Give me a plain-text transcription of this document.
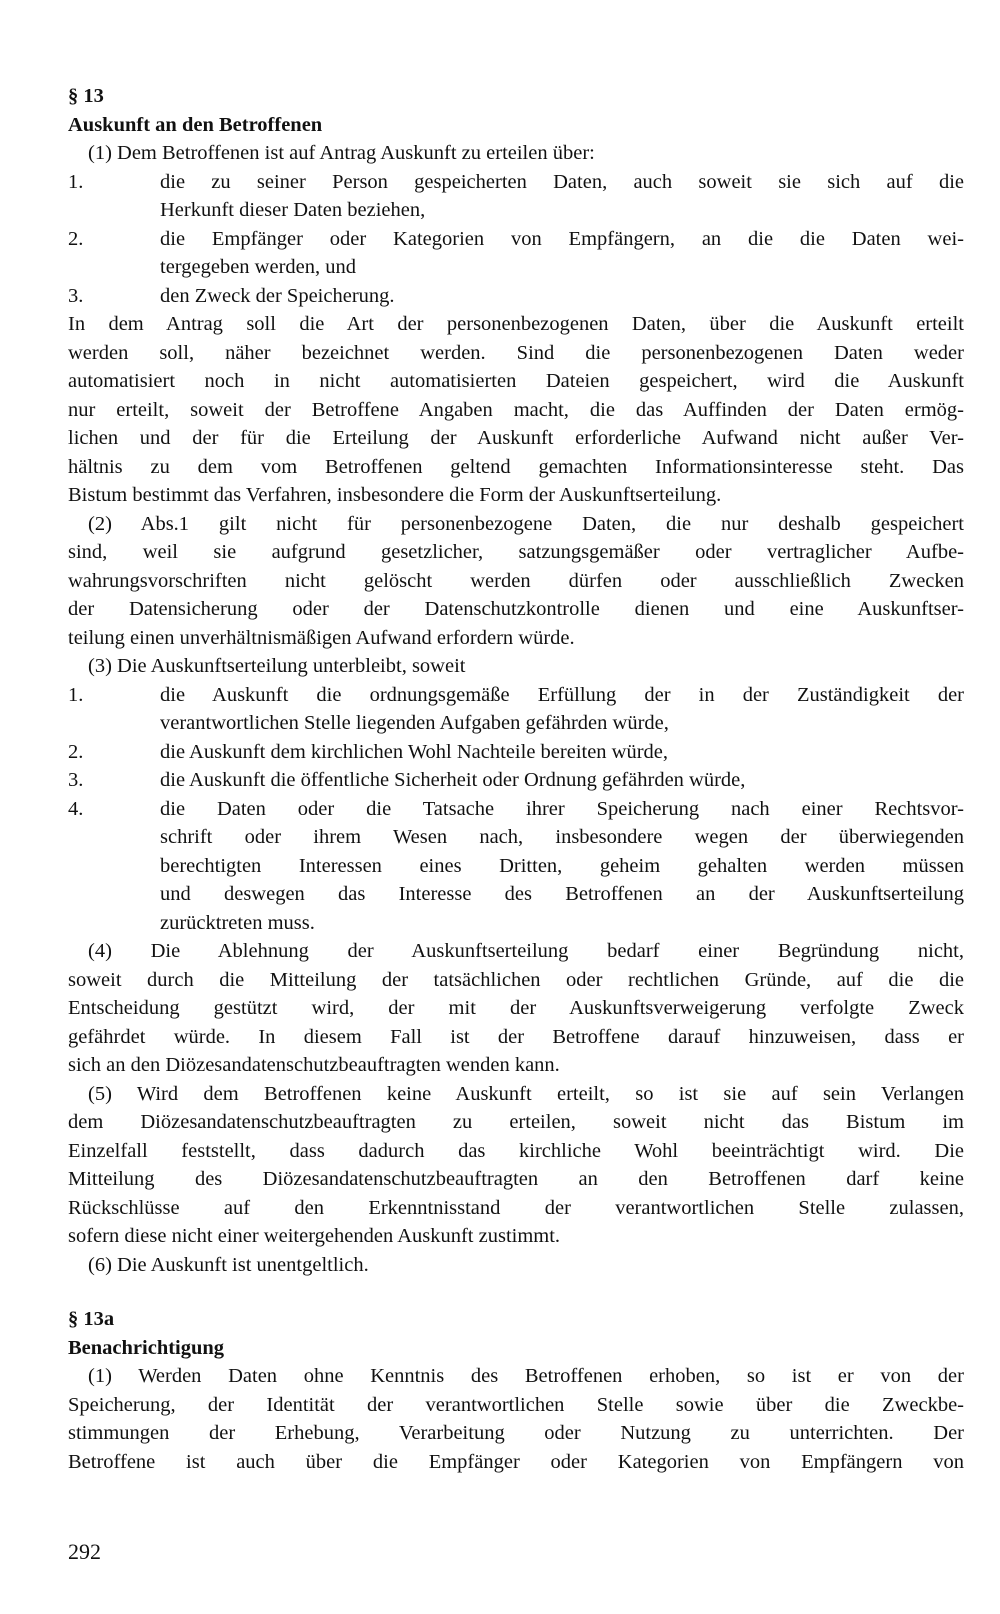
§ 13
Auskunft an den Betroffenen
(1) Dem Betroffenen ist auf Antrag Auskunft zu erteilen über:
1.	die zu seiner Person gespeicherten Daten, auch soweit sie sich auf die
Herkunft dieser Daten beziehen,
2.	die Empfänger oder Kategorien von Empfängern, an die die Daten wei-
tergegeben werden, und
3.	den Zweck der Speicherung.
In dem Antrag soll die Art der personenbezogenen Daten, über die Auskunft erteilt
werden soll, näher bezeichnet werden. Sind die personenbezogenen Daten weder
automatisiert noch in nicht automatisierten Dateien gespeichert, wird die Auskunft
nur erteilt, soweit der Betroffene Angaben macht, die das Auffinden der Daten ermög-
lichen und der für die Erteilung der Auskunft erforderliche Aufwand nicht außer Ver-
hältnis zu dem vom Betroffenen geltend gemachten Informationsinteresse steht. Das
Bistum bestimmt das Verfahren, insbesondere die Form der Auskunftserteilung.
(2) Abs.1 gilt nicht für personenbezogene Daten, die nur deshalb gespeichert
sind, weil sie aufgrund gesetzlicher, satzungsgemäßer oder vertraglicher Aufbe-
wahrungsvorschriften nicht gelöscht werden dürfen oder ausschließlich Zwecken
der Datensicherung oder der Datenschutzkontrolle dienen und eine Auskunftser-
teilung einen unverhältnismäßigen Aufwand erfordern würde.
(3) Die Auskunftserteilung unterbleibt, soweit
1.	die Auskunft die ordnungsgemäße Erfüllung der in der Zuständigkeit der
verantwortlichen Stelle liegenden Aufgaben gefährden würde,
2.	die Auskunft dem kirchlichen Wohl Nachteile bereiten würde,
3.	die Auskunft die öffentliche Sicherheit oder Ordnung gefährden würde,
4.	die Daten oder die Tatsache ihrer Speicherung nach einer Rechtsvor-
schrift oder ihrem Wesen nach, insbesondere wegen der überwiegenden
berechtigten Interessen eines Dritten, geheim gehalten werden müssen
und deswegen das Interesse des Betroffenen an der Auskunftserteilung
zurücktreten muss.
(4) Die Ablehnung der Auskunftserteilung bedarf einer Begründung nicht,
soweit durch die Mitteilung der tatsächlichen oder rechtlichen Gründe, auf die die
Entscheidung gestützt wird, der mit der Auskunftsverweigerung verfolgte Zweck
gefährdet würde. In diesem Fall ist der Betroffene darauf hinzuweisen, dass er
sich an den Diözesandatenschutzbeauftragten wenden kann.
(5) Wird dem Betroffenen keine Auskunft erteilt, so ist sie auf sein Verlangen
dem Diözesandatenschutzbeauftragten zu erteilen, soweit nicht das Bistum im
Einzelfall feststellt, dass dadurch das kirchliche Wohl beeinträchtigt wird. Die
Mitteilung des Diözesandatenschutzbeauftragten an den Betroffenen darf keine
Rückschlüsse auf den Erkenntnisstand der verantwortlichen Stelle zulassen,
sofern diese nicht einer weitergehenden Auskunft zustimmt.
(6) Die Auskunft ist unentgeltlich.
§ 13a
Benachrichtigung
(1) Werden Daten ohne Kenntnis des Betroffenen erhoben, so ist er von der
Speicherung, der Identität der verantwortlichen Stelle sowie über die Zweckbe-
stimmungen der Erhebung, Verarbeitung oder Nutzung zu unterrichten. Der
Betroffene ist auch über die Empfänger oder Kategorien von Empfängern von
292
